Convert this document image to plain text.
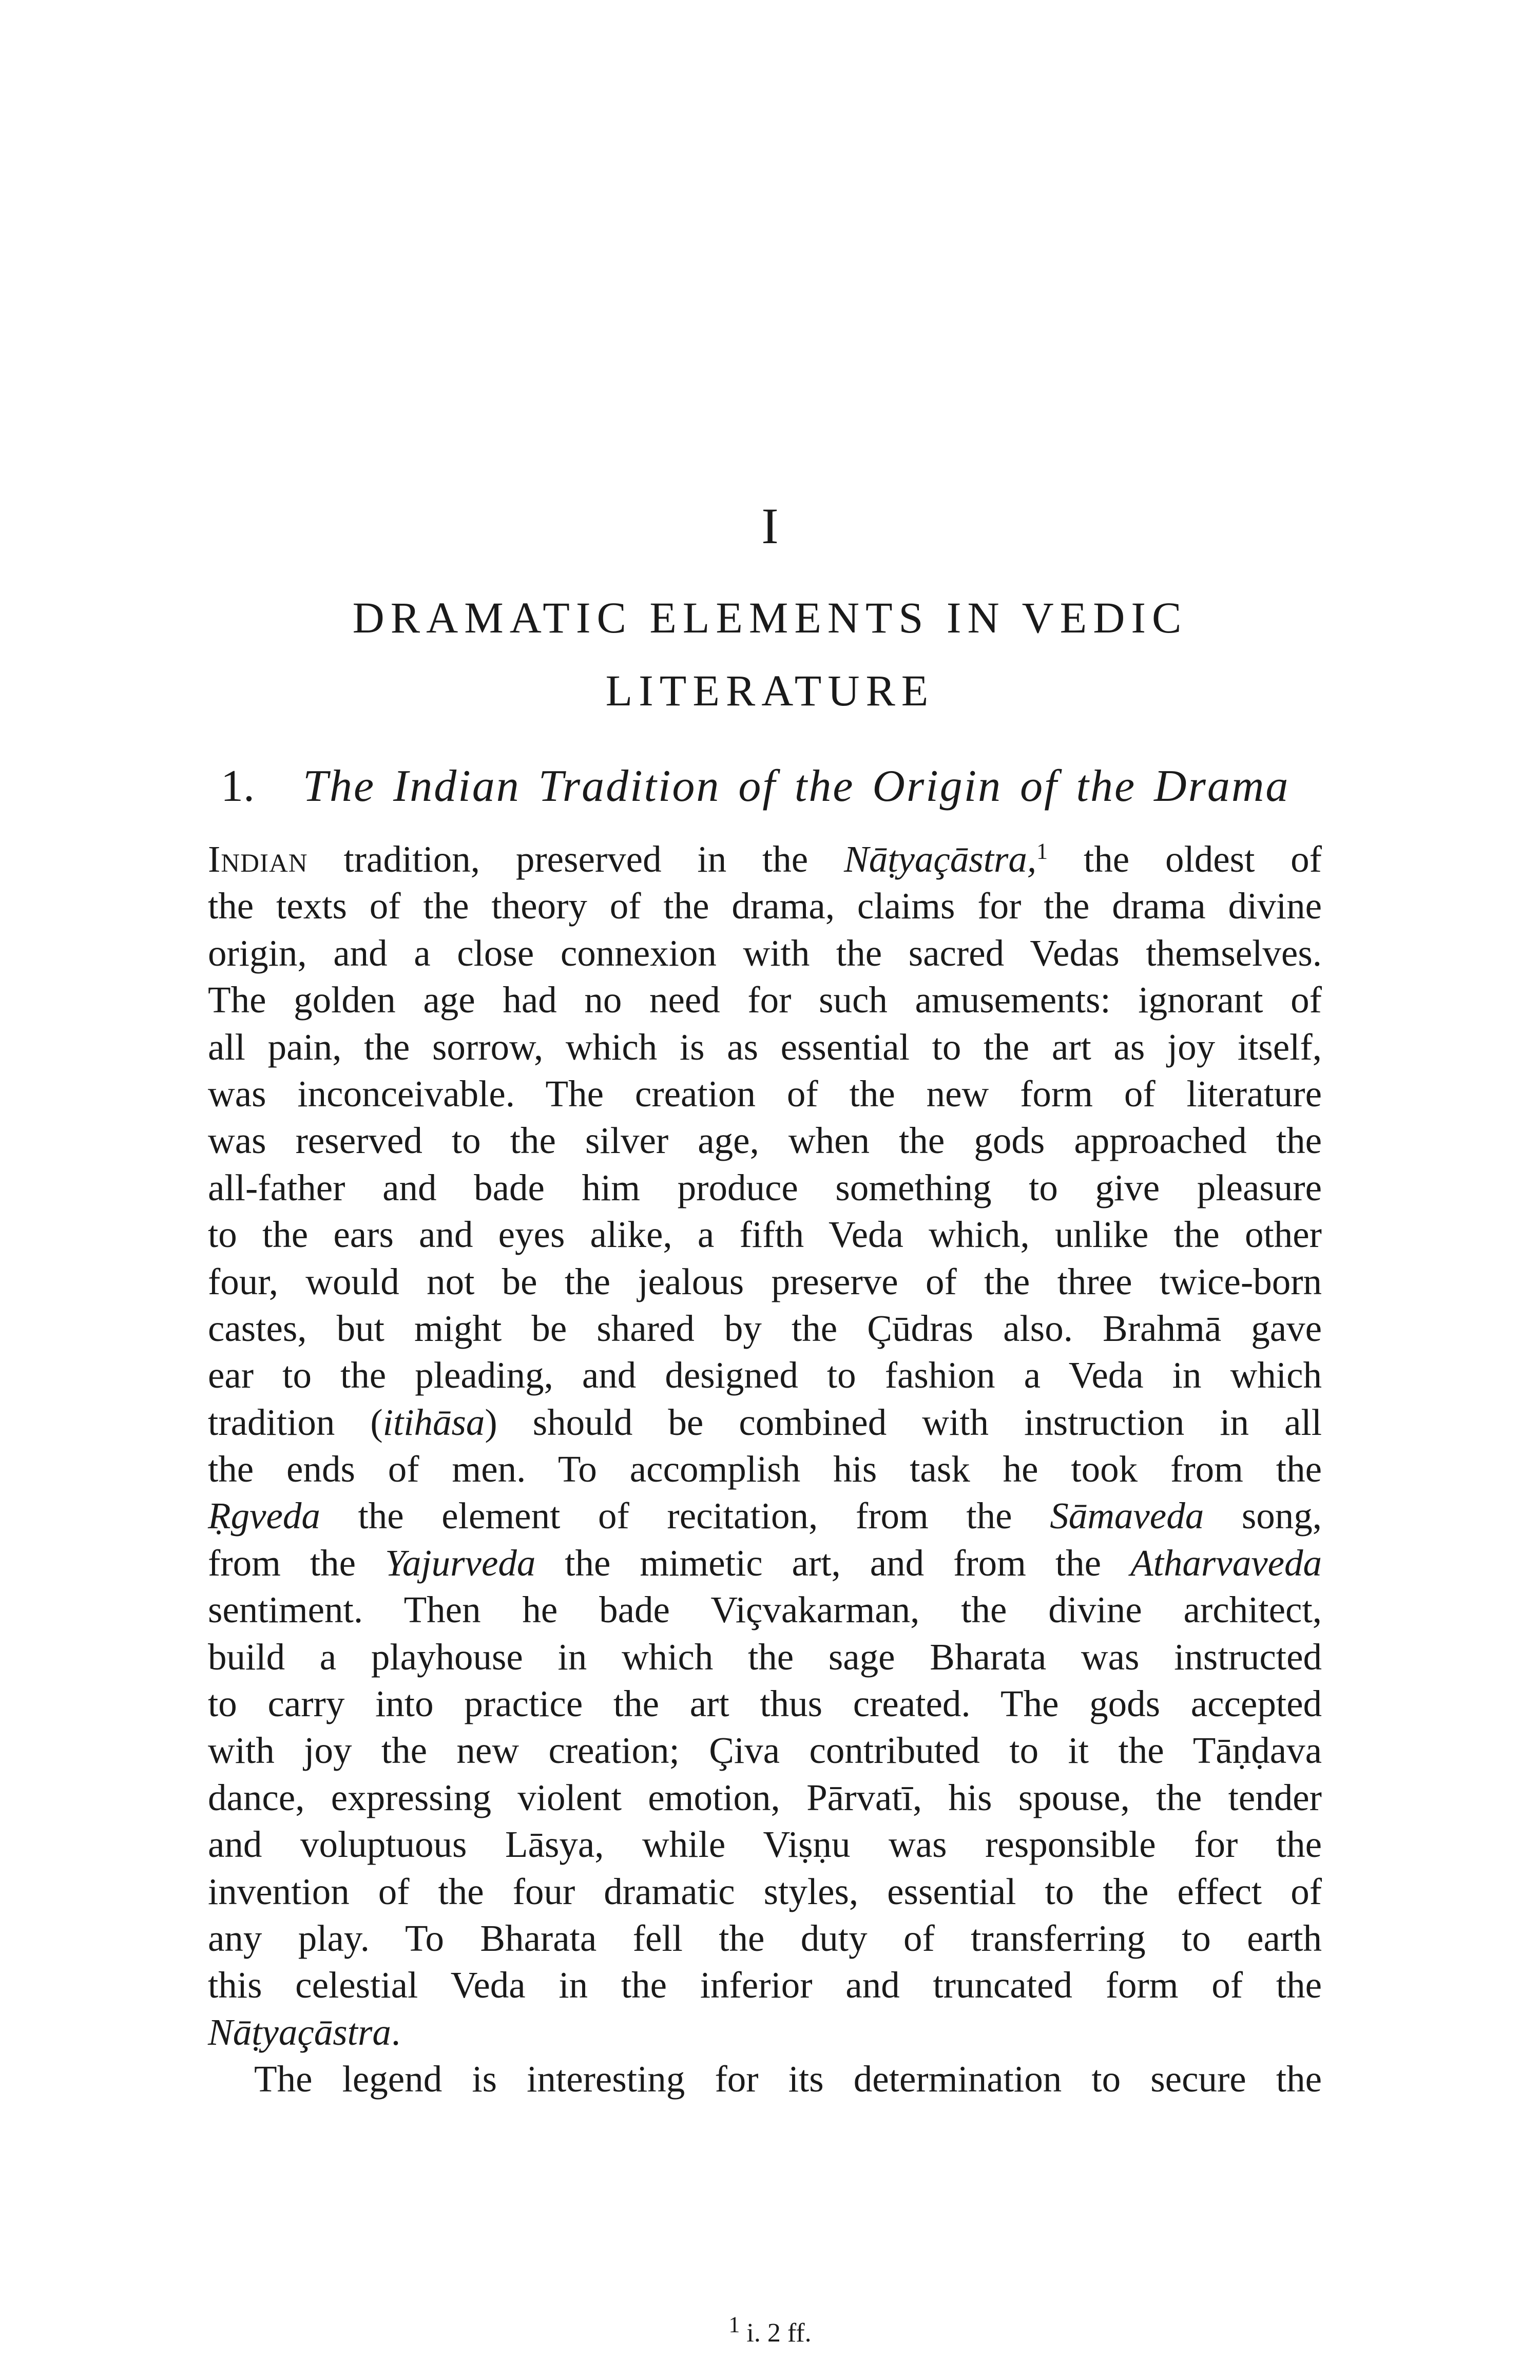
I
DRAMATIC ELEMENTS IN VEDIC
LITERATURE
1. The Indian Tradition of the Origin of the Drama
Indian tradition, preserved in the Nāṭyaçāstra,$^1$ the oldest of
the texts of the theory of the drama, claims for the drama divine
origin, and a close connexion with the sacred Vedas themselves.
The golden age had no need for such amusements: ignorant of
all pain, the sorrow, which is as essential to the art as joy itself,
was inconceivable. The creation of the new form of literature
was reserved to the silver age, when the gods approached the
all-father and bade him produce something to give pleasure
to the ears and eyes alike, a fifth Veda which, unlike the other
four, would not be the jealous preserve of the three twice-born
castes, but might be shared by the Çūdras also. Brahmā gave
ear to the pleading, and designed to fashion a Veda in which
tradition (itihāsa) should be combined with instruction in all
the ends of men. To accomplish his task he took from the
Ṛgveda the element of recitation, from the Sāmaveda song,
from the Yajurveda the mimetic art, and from the Atharvaveda
sentiment. Then he bade Viçvakarman, the divine architect,
build a playhouse in which the sage Bharata was instructed
to carry into practice the art thus created. The gods accepted
with joy the new creation; Çiva contributed to it the Tāṇḍava
dance, expressing violent emotion, Pārvatī, his spouse, the tender
and voluptuous Lāsya, while Viṣṇu was responsible for the
invention of the four dramatic styles, essential to the effect of
any play. To Bharata fell the duty of transferring to earth
this celestial Veda in the inferior and truncated form of the
Nāṭyaçāstra.
The legend is interesting for its determination to secure the
$^1$ i. 2 ff.
